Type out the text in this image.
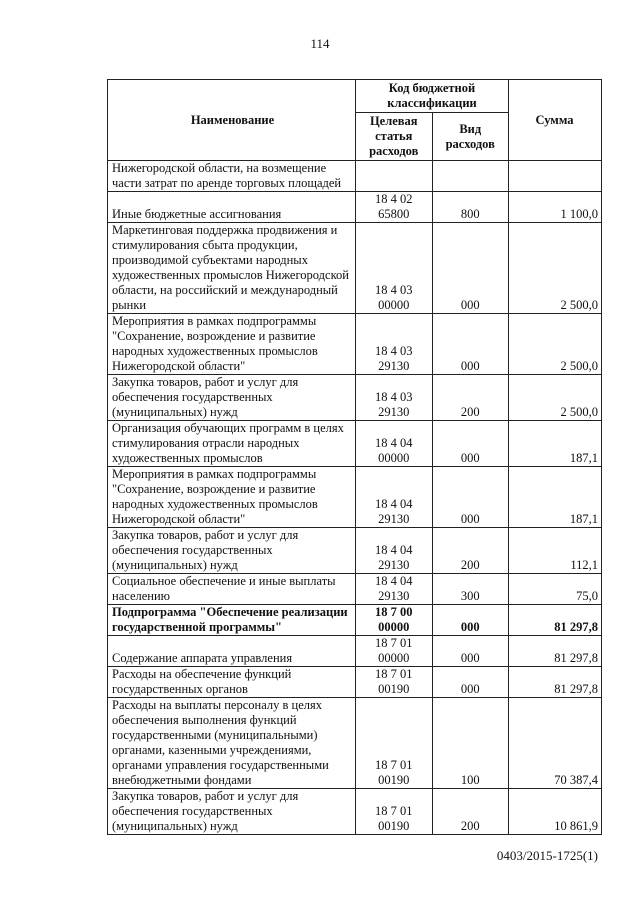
114
Наименование	Код бюджетной классификации		Сумма
	Целевая статья расходов	Вид расходов	
Нижегородской области, на возмещение части затрат по аренде торговых площадей			
Иные бюджетные ассигнования	18 4 02 65800	800	1 100,0
Маркетинговая поддержка продвижения и стимулирования сбыта продукции, производимой субъектами народных художественных промыслов Нижегородской области, на российский и международный рынки	18 4 03 00000	000	2 500,0
Мероприятия в рамках подпрограммы "Сохранение, возрождение и развитие народных художественных промыслов Нижегородской области"	18 4 03 29130	000	2 500,0
Закупка товаров, работ и услуг для обеспечения государственных (муниципальных) нужд	18 4 03 29130	200	2 500,0
Организация обучающих программ в целях стимулирования отрасли народных художественных промыслов	18 4 04 00000	000	187,1
Мероприятия в рамках подпрограммы "Сохранение, возрождение и развитие народных художественных промыслов Нижегородской области"	18 4 04 29130	000	187,1
Закупка товаров, работ и услуг для обеспечения государственных (муниципальных) нужд	18 4 04 29130	200	112,1
Социальное обеспечение и иные выплаты населению	18 4 04 29130	300	75,0
Подпрограмма "Обеспечение реализации государственной программы"	18 7 00 00000	000	81 297,8
Содержание аппарата управления	18 7 01 00000	000	81 297,8
Расходы на обеспечение функций государственных органов	18 7 01 00190	000	81 297,8
Расходы на выплаты персоналу в целях обеспечения выполнения функций государственными (муниципальными) органами, казенными учреждениями, органами управления государственными внебюджетными фондами	18 7 01 00190	100	70 387,4
Закупка товаров, работ и услуг для обеспечения государственных (муниципальных) нужд	18 7 01 00190	200	10 861,9
0403/2015-1725(1)
